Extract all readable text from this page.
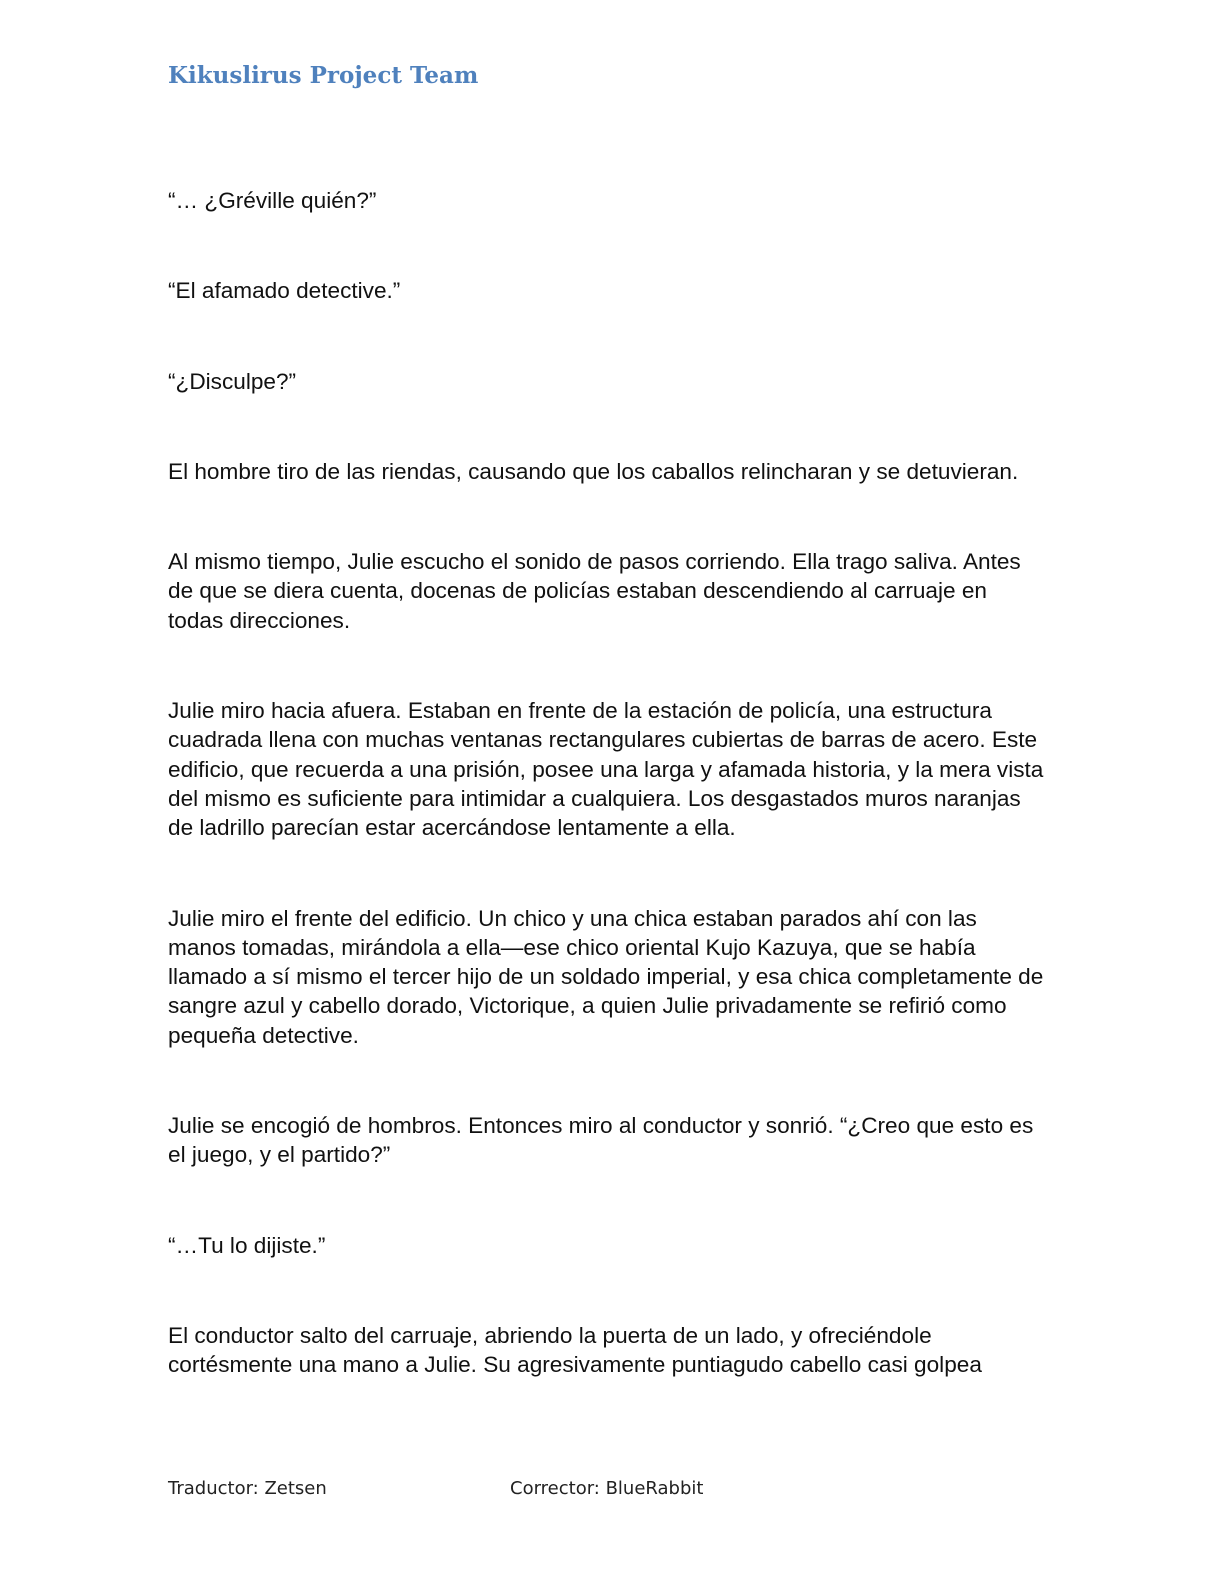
Kikuslirus Project Team

“… ¿Gréville quién?”

“El afamado detective.”

“¿Disculpe?”

El hombre tiro de las riendas, causando que los caballos relincharan y se detuvieran.

Al mismo tiempo, Julie escucho el sonido de pasos corriendo. Ella trago saliva. Antes de que se diera cuenta, docenas de policías estaban descendiendo al carruaje en todas direcciones.

Julie miro hacia afuera. Estaban en frente de la estación de policía, una estructura cuadrada llena con muchas ventanas rectangulares cubiertas de barras de acero. Este edificio, que recuerda a una prisión, posee una larga y afamada historia, y la mera vista del mismo es suficiente para intimidar a cualquiera. Los desgastados muros naranjas de ladrillo parecían estar acercándose lentamente a ella.

Julie miro el frente del edificio. Un chico y una chica estaban parados ahí con las manos tomadas, mirándola a ella—ese chico oriental Kujo Kazuya, que se había llamado a sí mismo el tercer hijo de un soldado imperial, y esa chica completamente de sangre azul y cabello dorado, Victorique, a quien Julie privadamente se refirió como pequeña detective.

Julie se encogió de hombros. Entonces miro al conductor y sonrió. “¿Creo que esto es el juego, y el partido?”

“…Tu lo dijiste.”

El conductor salto del carruaje, abriendo la puerta de un lado, y ofreciéndole cortésmente una mano a Julie. Su agresivamente puntiagudo cabello casi golpea

Traductor: Zetsen	Corrector: BlueRabbit
